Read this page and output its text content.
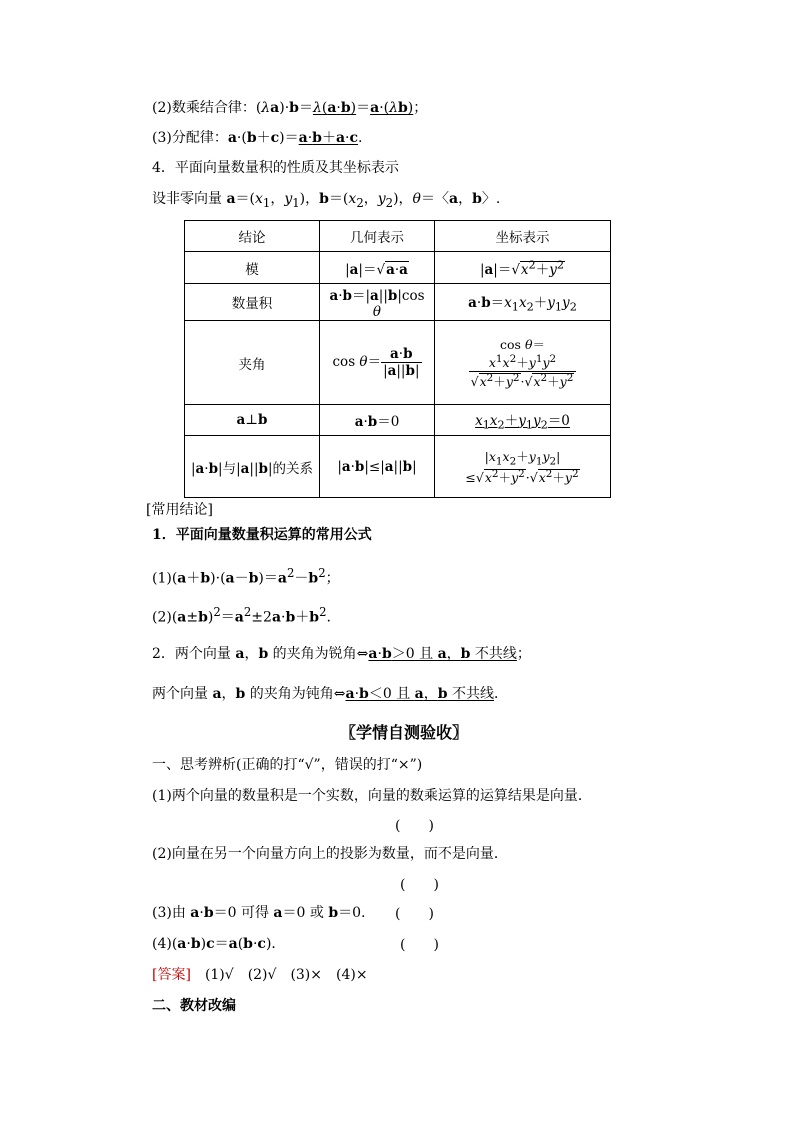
(2)数乘结合律：(λa)·b＝λ(a·b)＝a·(λb)；
(3)分配律：a·(b＋c)＝a·b＋a·c.
4．平面向量数量积的性质及其坐标表示
设非零向量 $a=(x_1$，$y_1$)，$b=(x_2$，$y_2$)，θ＝〈a，b〉.
结论	几何表示	坐标表示
模	|a|＝√a·a	$|a|=√x^2+y^2$
数量积	a·b＝|a||b|cos θ	$a\cdot b=x_1x_2+y_1y_2$
夹角	$\cos \theta= \frac{a\cdot b}{|a||b|}$	cos θ＝

$\frac{x^1x^2+y^1y^2}{√x^2+y^2\cdot√x^2+y^2}$

a⊥b	a·b＝0	$x_1x_2+y_1y_2=0$
|a·b|与|a||b|的关系	|a·b|≤|a||b|	$|x_1x_2+y_1y_2|$
$\le√x^2+y^2\cdot√x^2+y^2$
[常用结论]
1．平面向量数量积运算的常用公式
$(1)(a+b)\cdot(a-b)=a^2-b^2$；
$(2)(a\pm b)^2=a^2\pm 2a\cdot b+b^2$.
2．两个向量 a，b 的夹角为锐角⇔a·b＞0 且 a，b 不共线；
两个向量 a，b 的夹角为钝角⇔a·b＜0 且 a，b 不共线．
〖学情自测验收〗
一、思考辨析(正确的打“√”，错误的打“×”)
(1)两个向量的数量积是一个实数，向量的数乘运算的运算结果是向量．
(　　)
(2)向量在另一个向量方向上的投影为数量，而不是向量．
(　　)
(3)由 a·b＝0 可得 a＝0 或 b＝0. (　　)
(4)(a·b)c＝a(b·c)．	(　　)
[答案]　 (1)√　(2)√　(3)×　(4)×
二、教材改编
